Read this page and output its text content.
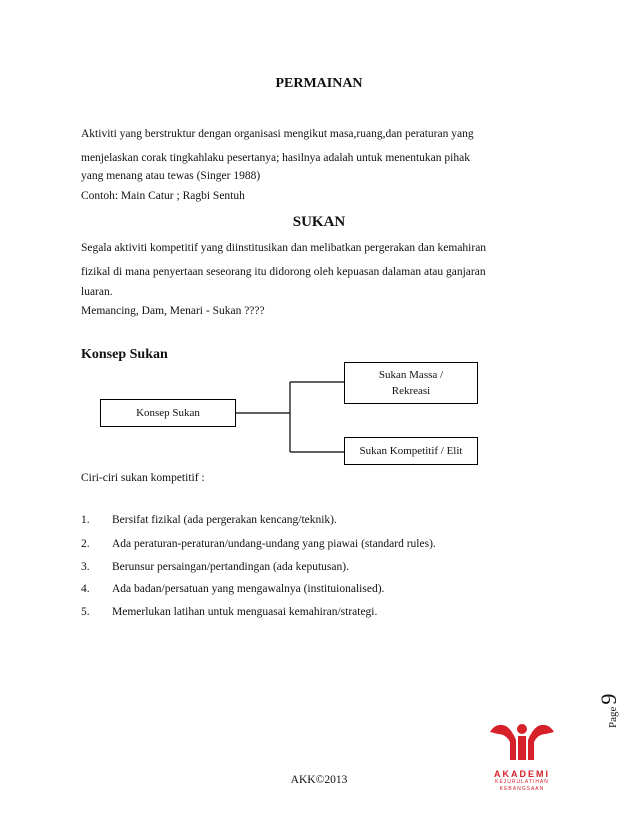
PERMAINAN
Aktiviti yang berstruktur dengan organisasi mengikut masa,ruang,dan peraturan yang
menjelaskan corak tingkahlaku pesertanya; hasilnya adalah untuk menentukan pihak
yang menang atau tewas (Singer 1988)
Contoh: Main Catur ; Ragbi Sentuh
SUKAN
Segala aktiviti kompetitif yang diinstitusikan dan melibatkan pergerakan dan kemahiran
fizikal di mana penyertaan seseorang itu didorong oleh kepuasan dalaman atau ganjaran
luaran.
Memancing, Dam, Menari - Sukan ????
Konsep Sukan
Konsep Sukan
Sukan Massa /
Rekreasi
Sukan Kompetitif / Elit
Ciri-ciri sukan kompetitif :
1. Bersifat fizikal (ada pergerakan kencang/teknik).
2. Ada peraturan-peraturan/undang-undang yang piawai (standard rules).
3. Berunsur persaingan/pertandingan (ada keputusan).
4. Ada badan/persatuan yang mengawalnya (instituionalised).
5. Memerlukan latihan untuk menguasai kemahiran/strategi.
Page
9
AKADEMI
KEJURULATIHAN
KEBANGSAAN
AKK©2013
